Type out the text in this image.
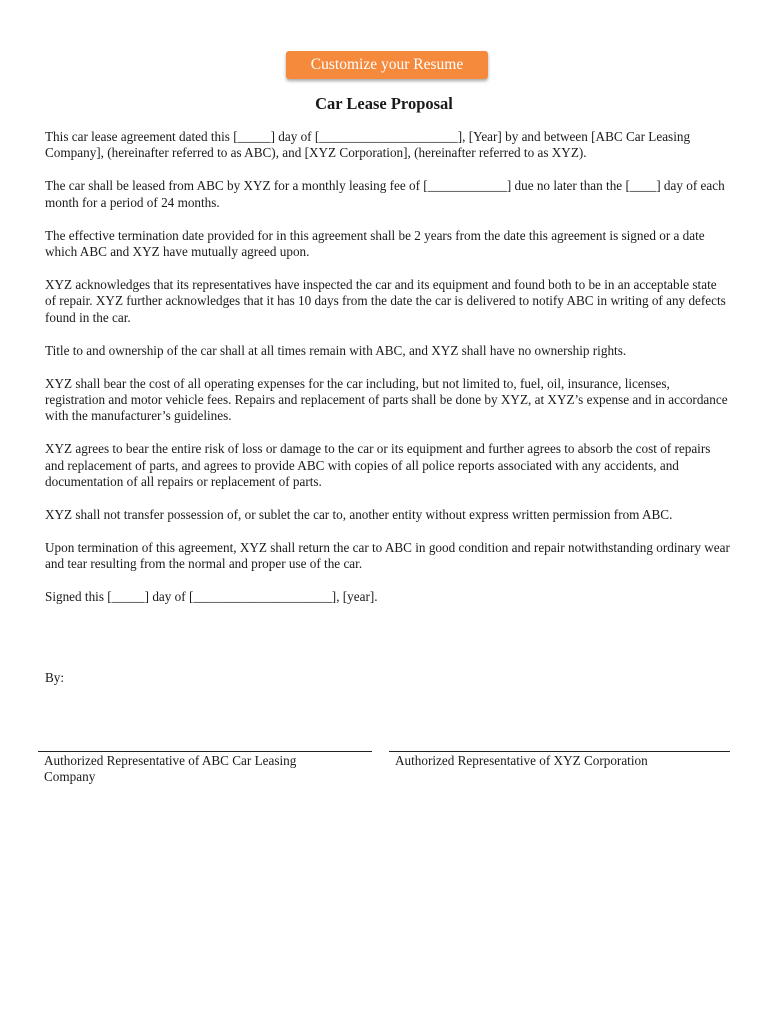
Customize your Resume
Car Lease Proposal

This car lease agreement dated this [_____] day of [_____________________], [Year] by and between [ABC Car Leasing Company], (hereinafter referred to as ABC), and [XYZ Corporation], (hereinafter referred to as XYZ).

The car shall be leased from ABC by XYZ for a monthly leasing fee of [____________] due no later than the [____] day of each month for a period of 24 months.

The effective termination date provided for in this agreement shall be 2 years from the date this agreement is signed or a date which ABC and XYZ have mutually agreed upon.

XYZ acknowledges that its representatives have inspected the car and its equipment and found both to be in an acceptable state of repair. XYZ further acknowledges that it has 10 days from the date the car is delivered to notify ABC in writing of any defects found in the car.

Title to and ownership of the car shall at all times remain with ABC, and XYZ shall have no ownership rights.

XYZ shall bear the cost of all operating expenses for the car including, but not limited to, fuel, oil, insurance, licenses, registration and motor vehicle fees. Repairs and replacement of parts shall be done by XYZ, at XYZ’s expense and in accordance with the manufacturer’s guidelines.

XYZ agrees to bear the entire risk of loss or damage to the car or its equipment and further agrees to absorb the cost of repairs and replacement of parts, and agrees to provide ABC with copies of all police reports associated with any accidents, and documentation of all repairs or replacement of parts.

XYZ shall not transfer possession of, or sublet the car to, another entity without express written permission from ABC.

Upon termination of this agreement, XYZ shall return the car to ABC in good condition and repair notwithstanding ordinary wear and tear resulting from the normal and proper use of the car.

Signed this [_____] day of [_____________________], [year].

By:
Authorized Representative of ABC Car Leasing Company
Authorized Representative of XYZ Corporation
